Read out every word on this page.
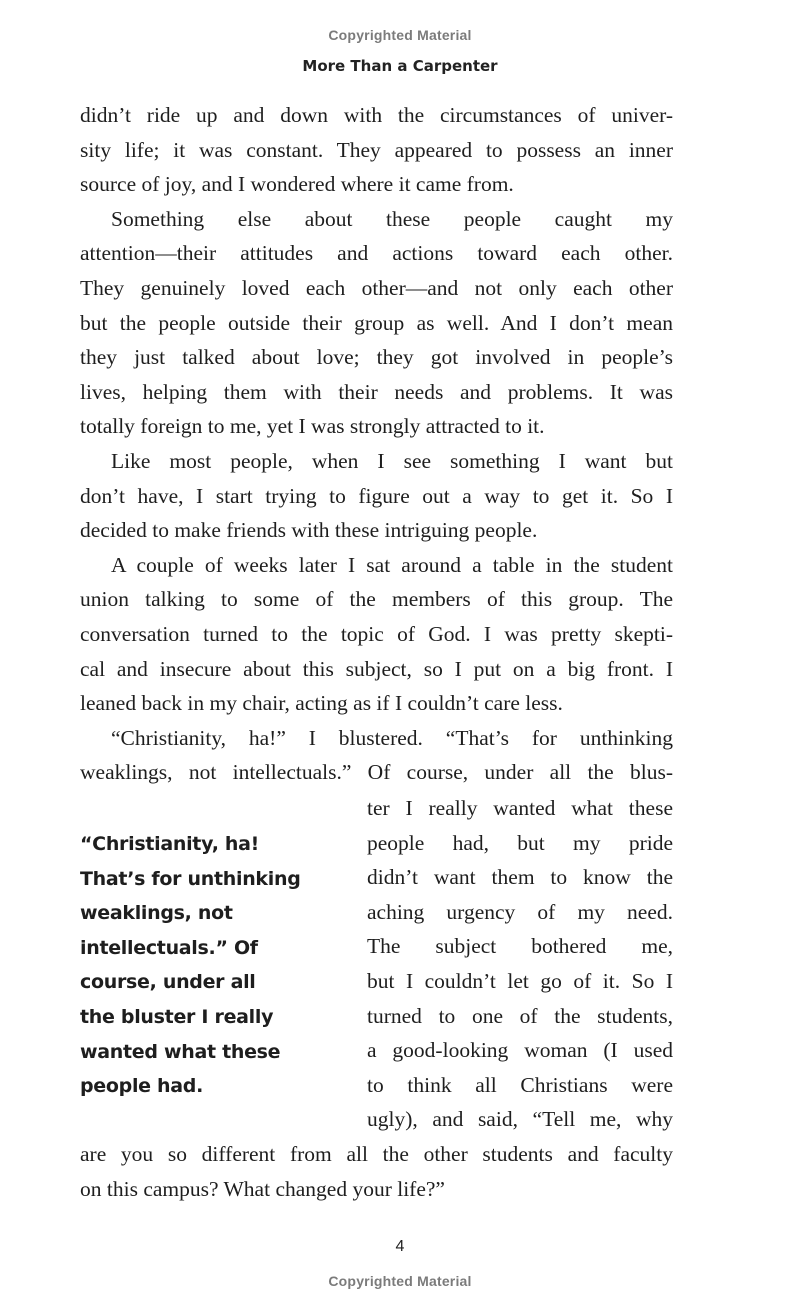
Copyrighted Material
More Than a Carpenter
didn’t ride up and down with the circumstances of univer-
sity life; it was constant. They appeared to possess an inner
source of joy, and I wondered where it came from.
Something else about these people caught my
attention—their attitudes and actions toward each other.
They genuinely loved each other—and not only each other
but the people outside their group as well. And I don’t mean
they just talked about love; they got involved in people’s
lives, helping them with their needs and problems. It was
totally foreign to me, yet I was strongly attracted to it.
Like most people, when I see something I want but
don’t have, I start trying to figure out a way to get it. So I
decided to make friends with these intriguing people.
A couple of weeks later I sat around a table in the student
union talking to some of the members of this group. The
conversation turned to the topic of God. I was pretty skepti-
cal and insecure about this subject, so I put on a big front. I
leaned back in my chair, acting as if I couldn’t care less.
“Christianity, ha!” I blustered. “That’s for unthinking
weaklings, not intellectuals.” Of course, under all the blus-
ter I really wanted what these
people had, but my pride
didn’t want them to know the
aching urgency of my need.
The subject bothered me,
but I couldn’t let go of it. So I
turned to one of the students,
a good-looking woman (I used
to think all Christians were
ugly), and said, “Tell me, why
“Christianity, ha!
That’s for unthinking
weaklings, not
intellectuals.” Of
course, under all
the bluster I really
wanted what these
people had.
are you so different from all the other students and faculty
on this campus? What changed your life?”
4
Copyrighted Material
